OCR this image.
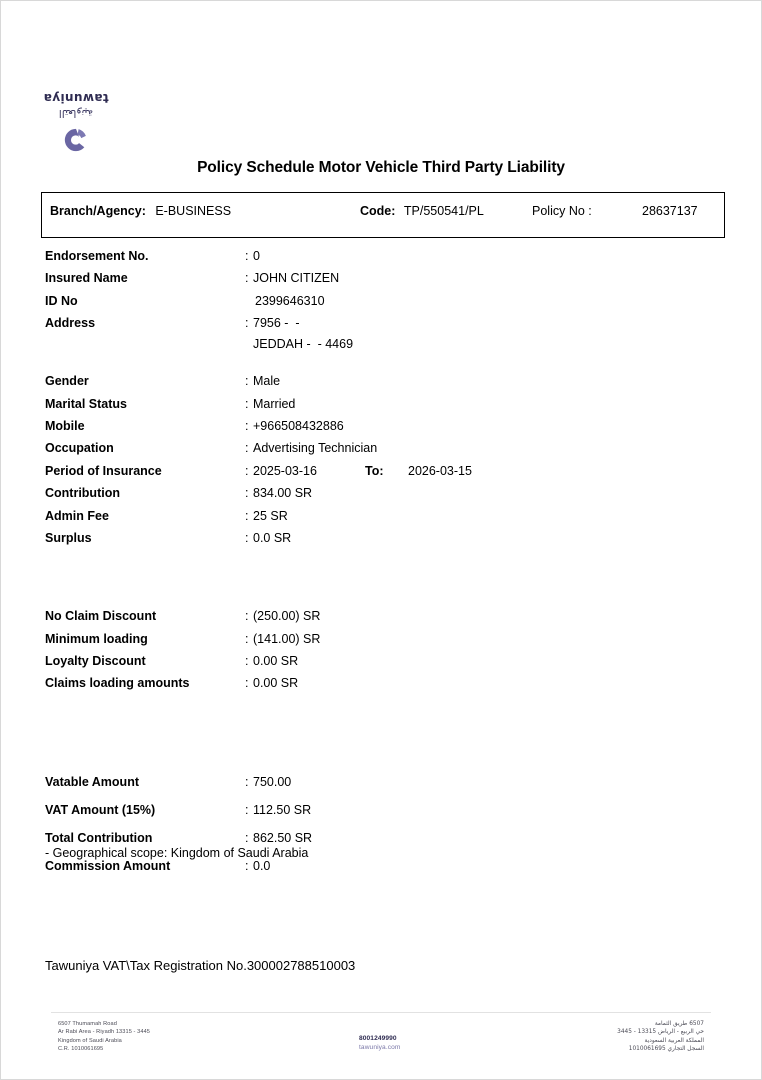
التعاونية
tawuniya
Policy Schedule Motor Vehicle Third Party Liability
Branch/Agency: E-BUSINESS	Code: TP/550541/PL	Policy No :	28637137
Endorsement No.	: 0
Insured Name	: JOHN CITIZEN
ID No	2399646310
Address	: 7956 -  -
JEDDAH -  - 4469
Gender	: Male
Marital Status	: Married
Mobile	: +966508432886
Occupation	: Advertising Technician
Period of Insurance	: 2025-03-16	To: 2026-03-15
Contribution	: 834.00 SR
Admin Fee	: 25 SR
Surplus	: 0.0 SR
No Claim Discount	: (250.00) SR
Minimum loading	: (141.00) SR
Loyalty Discount	: 0.00 SR
Claims loading amounts	: 0.00 SR
Vatable Amount	: 750.00
VAT Amount (15%)	: 112.50 SR
Total Contribution	: 862.50 SR
Commission Amount	: 0.0
- Geographical scope: Kingdom of Saudi Arabia
Tawuniya VAT\Tax Registration No.300002788510003
6507 Thumamah Road
Ar Rabi Area - Riyadh 13315 - 3445
Kingdom of Saudi Arabia
C.R. 1010061695
8001249990
tawuniya.com
6507 طريق الثمامة
حي الربيع - الرياض 13315 - 3445
المملكة العربية السعودية
السجل التجاري 1010061695
